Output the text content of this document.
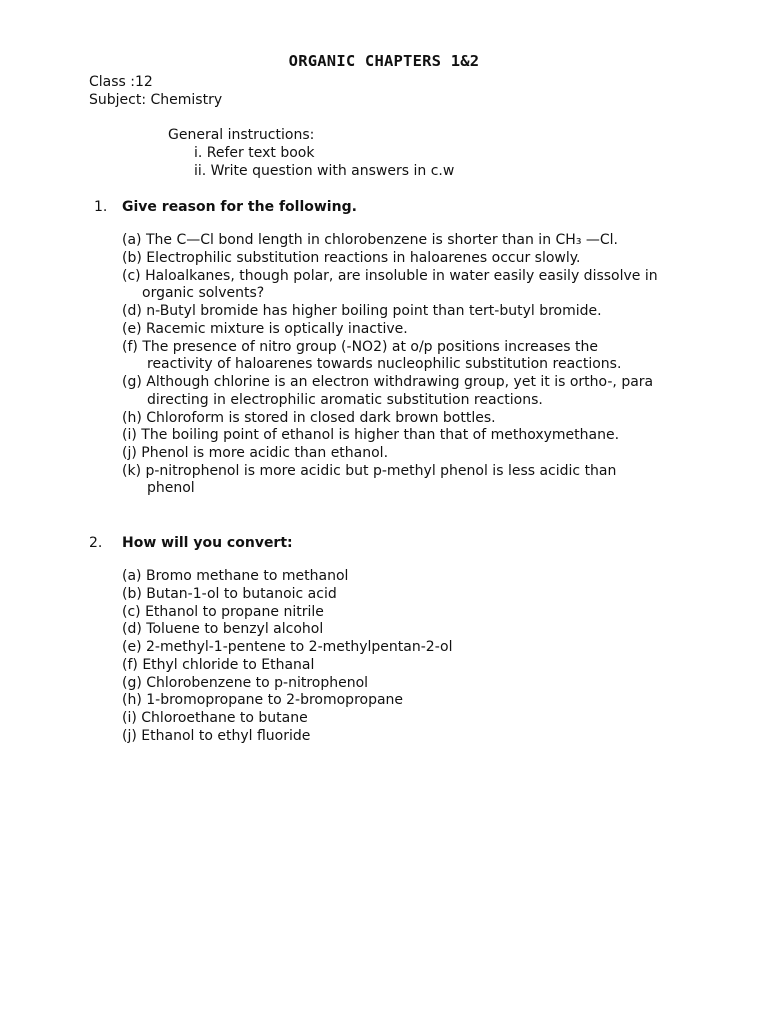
ORGANIC CHAPTERS 1&2
Class :12
Subject: Chemistry
General instructions:
i. Refer text book
ii. Write question with answers in c.w
1. Give reason for the following.
(a) The C—Cl bond length in chlorobenzene is shorter than in CH₃ —Cl.
(b) Electrophilic substitution reactions in haloarenes occur slowly.
(c) Haloalkanes, though polar, are insoluble in water easily easily dissolve in
organic solvents?
(d) n-Butyl bromide has higher boiling point than tert-butyl bromide.
(e) Racemic mixture is optically inactive.
(f) The presence of nitro group (-NO2) at o/p positions increases the
reactivity of haloarenes towards nucleophilic substitution reactions.
(g) Although chlorine is an electron withdrawing group, yet it is ortho-, para
directing in electrophilic aromatic substitution reactions.
(h) Chloroform is stored in closed dark brown bottles.
(i) The boiling point of ethanol is higher than that of methoxymethane.
(j) Phenol is more acidic than ethanol.
(k) p-nitrophenol is more acidic but p-methyl phenol is less acidic than
phenol
2. How will you convert:
(a) Bromo methane to methanol
(b) Butan-1-ol to butanoic acid
(c) Ethanol to propane nitrile
(d) Toluene to benzyl alcohol
(e) 2-methyl-1-pentene to 2-methylpentan-2-ol
(f) Ethyl chloride to Ethanal
(g) Chlorobenzene to p-nitrophenol
(h) 1-bromopropane to 2-bromopropane
(i) Chloroethane to butane
(j) Ethanol to ethyl fluoride
